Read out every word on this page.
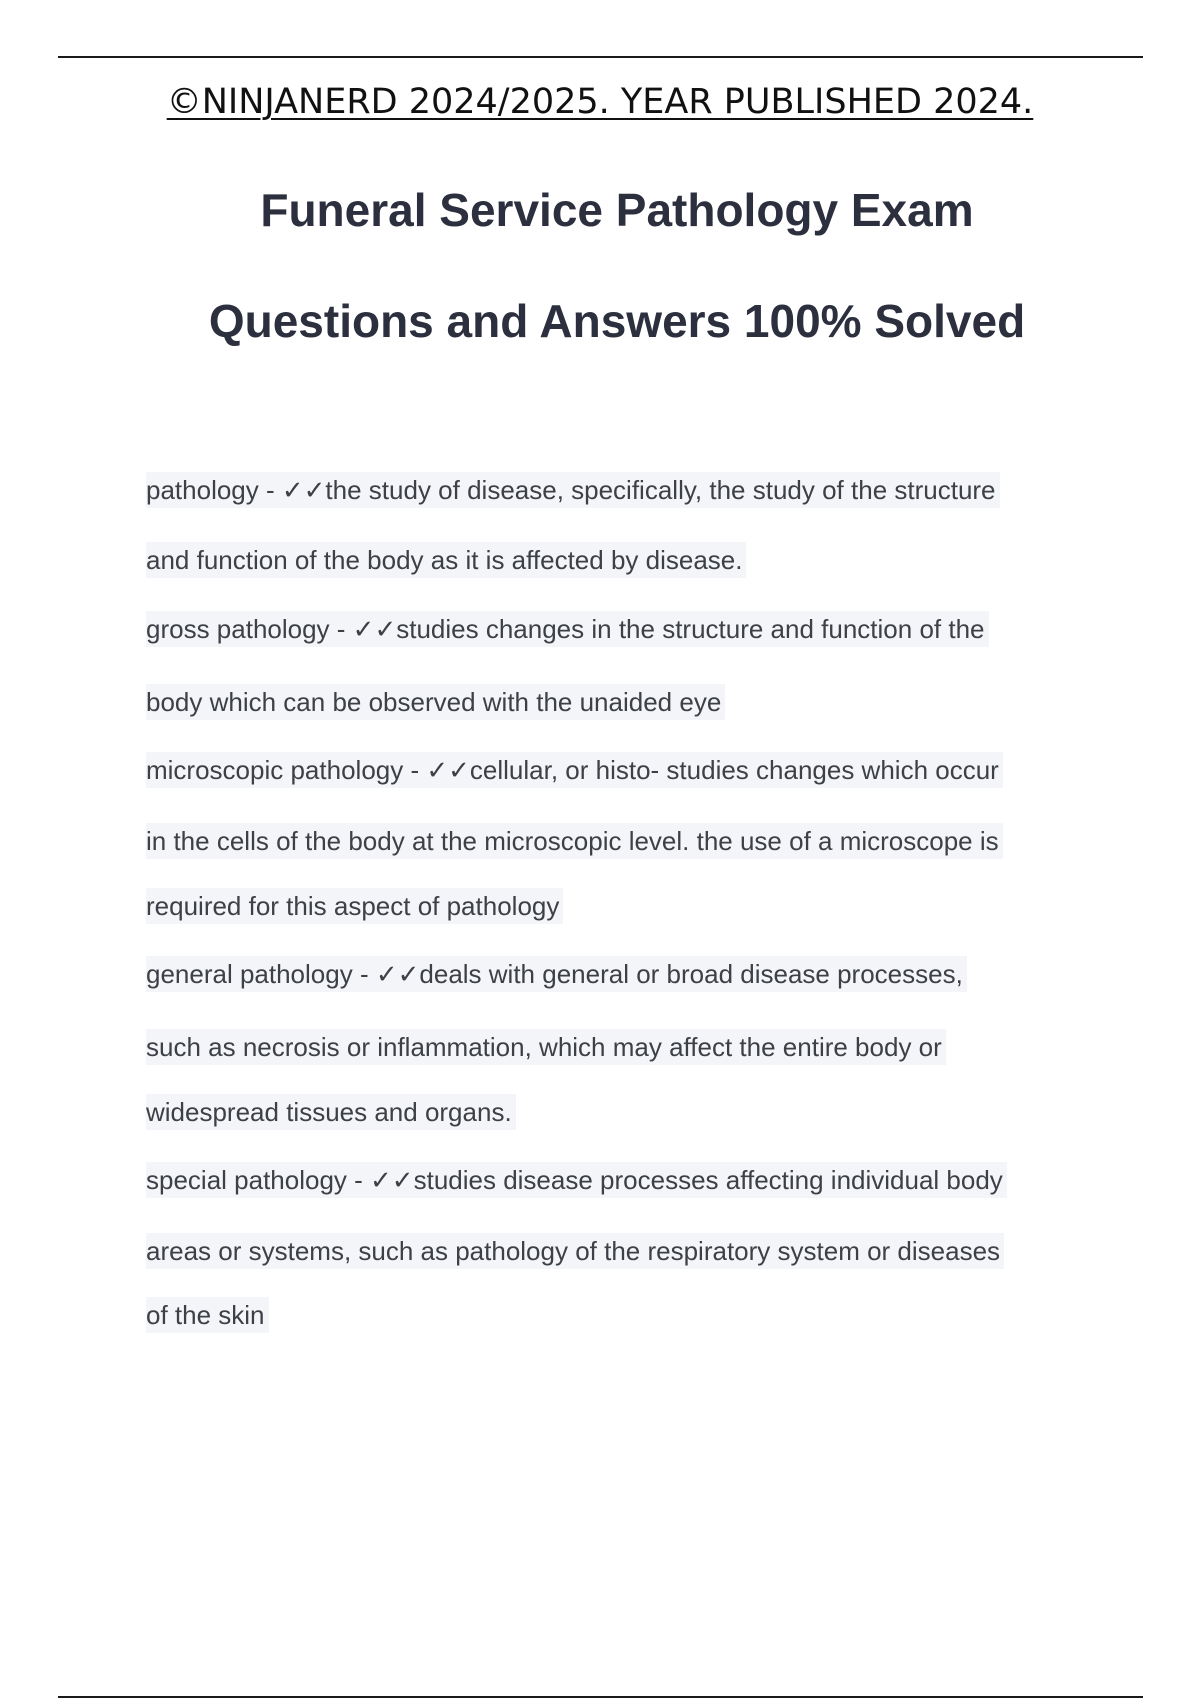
©NINJANERD 2024/2025. YEAR PUBLISHED 2024.
Funeral Service Pathology Exam
Questions and Answers 100% Solved
pathology - ✓✓the study of disease, specifically, the study of the structure
and function of the body as it is affected by disease.
gross pathology - ✓✓studies changes in the structure and function of the
body which can be observed with the unaided eye
microscopic pathology - ✓✓cellular, or histo- studies changes which occur
in the cells of the body at the microscopic level. the use of a microscope is
required for this aspect of pathology
general pathology - ✓✓deals with general or broad disease processes,
such as necrosis or inflammation, which may affect the entire body or
widespread tissues and organs.
special pathology - ✓✓studies disease processes affecting individual body
areas or systems, such as pathology of the respiratory system or diseases
of the skin
